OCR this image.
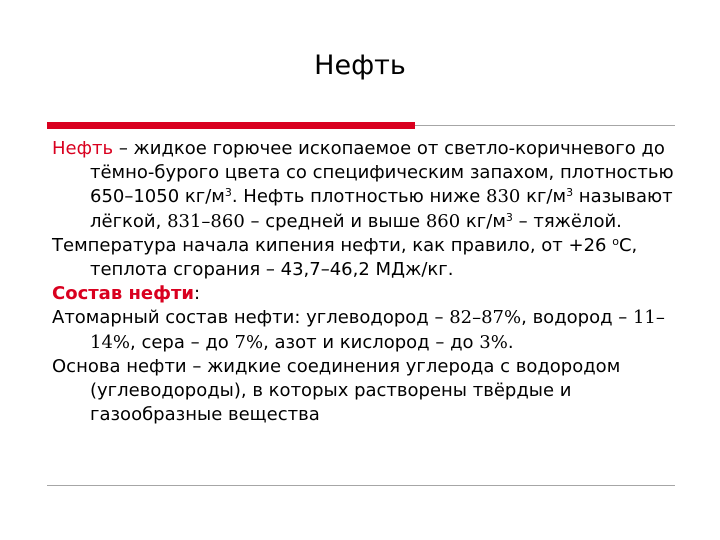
Нефть

Нефть – жидкое горючее ископаемое от светло-коричневого до тёмно-бурого цвета со специфическим запахом, плотностью 650–1050 $кг/м^3$. Нефть плотностью ниже 830 $кг/м^3$ называют лёгкой, 831–860 – средней и выше 860 $кг/м^3$ – тяжёлой.

Температура начала кипения нефти, как правило, от +26 $^о$С, теплота сгорания – 43,7–46,2 МДж/кг.

Состав нефти:

Атомарный состав нефти: углеводород – 82–87%, водород – 11–14%, сера – до 7%, азот и кислород – до 3%.

Основа нефти – жидкие соединения углерода с водородом (углеводороды), в которых растворены твёрдые и газообразные вещества
